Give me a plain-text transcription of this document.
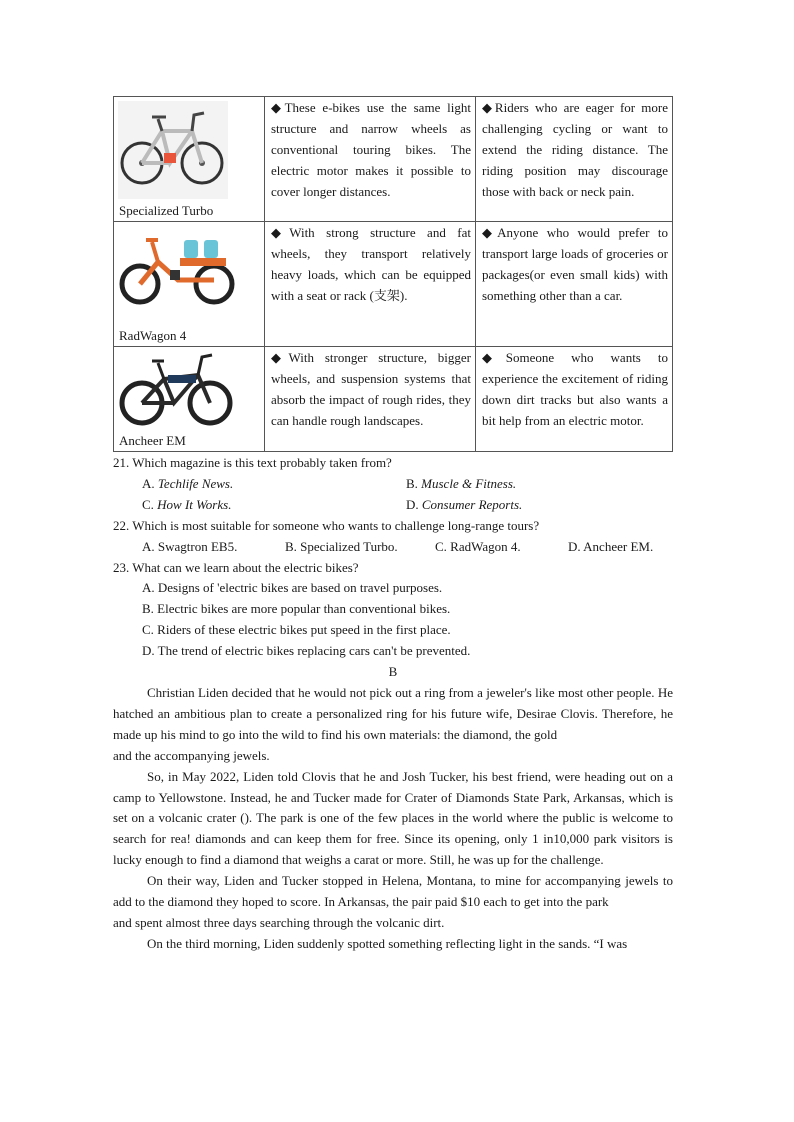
Specialized Turbo	◆These e-bikes use the same light structure and narrow wheels as conventional touring bikes. The electric motor makes it possible to cover longer distances.	◆Riders who are eager for more challenging cycling or want to extend the riding distance. The riding position may discourage those with back or neck pain.

RadWagon 4	◆With strong structure and fat wheels, they transport relatively heavy loads, which can be equipped with a seat or rack (支架).	◆Anyone who would prefer to transport large loads of groceries or packages(or even small kids) with something other than a car.

Ancheer EM	◆With stronger structure, bigger wheels, and suspension systems that absorb the impact of rough rides, they can handle rough landscapes.	◆Someone who wants to experience the excitement of riding down dirt tracks but also wants a bit help from an electric motor.

21. Which magazine is this text probably taken from?

A. Techlife News.	B. Muscle & Fitness.
C. How It Works.	D. Consumer Reports.

22. Which is most suitable for someone who wants to challenge long-range tours?

A. Swagtron EB5.	B. Specialized Turbo.	C. RadWagon 4.	D. Ancheer EM.

23. What can we learn about the electric bikes?

A. Designs of 'electric bikes are based on travel purposes.
B. Electric bikes are more popular than conventional bikes.
C. Riders of these electric bikes put speed in the first place.
D. The trend of electric bikes replacing cars can't be prevented.
B

Christian Liden decided that he would not pick out a ring from a jeweler's like most other people. He hatched an ambitious plan to create a personalized ring for his future wife, Desirae Clovis. Therefore, he made up his mind to go into the wild to find his own materials: the diamond, the gold

and the accompanying jewels.

So, in May 2022, Liden told Clovis that he and Josh Tucker, his best friend, were heading out on a camp to Yellowstone. Instead, he and Tucker made for Crater of Diamonds State Park, Arkansas, which is set on a volcanic crater (). The park is one of the few places in the world where the public is welcome to search for rea! diamonds and can keep them for free. Since its opening, only 1 in10,000 park visitors is lucky enough to find a diamond that weighs a carat or more. Still, he was up for the challenge.

On their way, Liden and Tucker stopped in Helena, Montana, to mine for accompanying jewels to add to the diamond they hoped to score. In Arkansas, the pair paid $10 each to get into the park

and spent almost three days searching through the volcanic dirt.

On the third morning, Liden suddenly spotted something reflecting light in the sands. “I was
